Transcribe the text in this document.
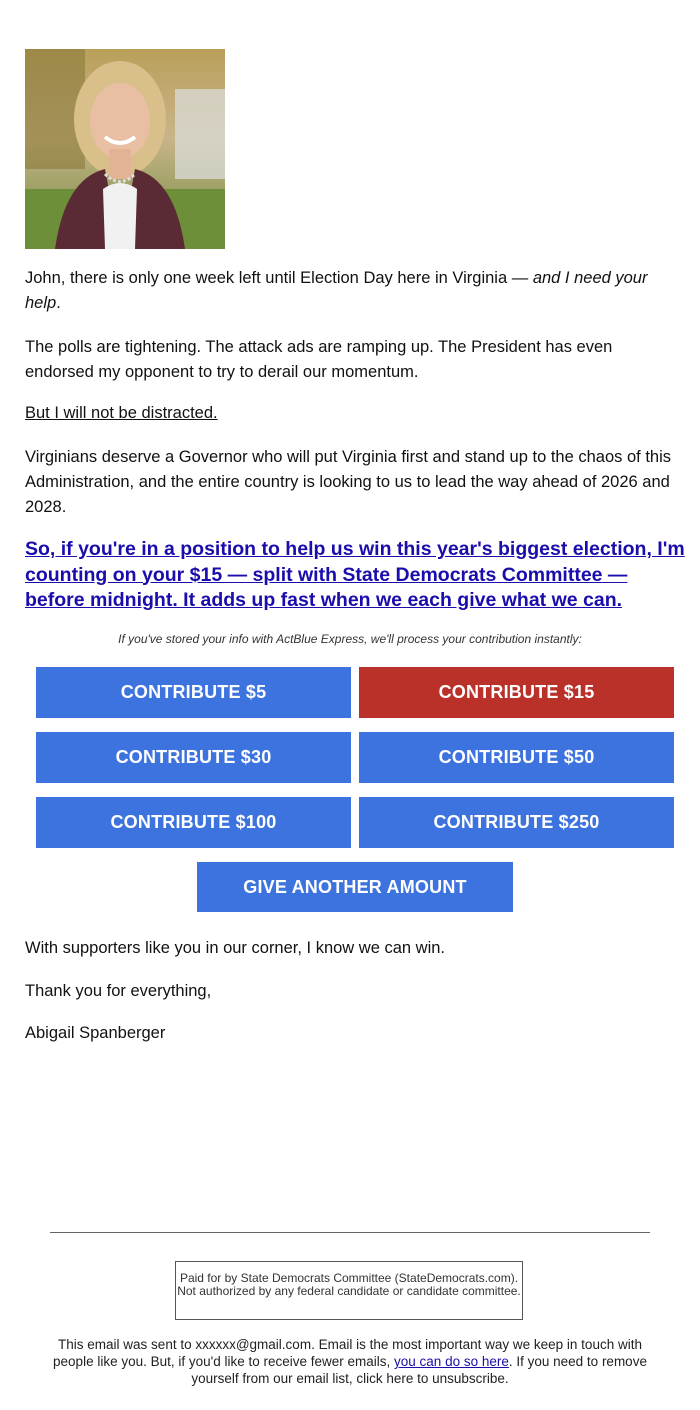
John, there is only one week left until Election Day here in Virginia — and I need your help.

The polls are tightening. The attack ads are ramping up. The President has even endorsed my opponent to try to derail our momentum.

But I will not be distracted.

Virginians deserve a Governor who will put Virginia first and stand up to the chaos of this Administration, and the entire country is looking to us to lead the way ahead of 2026 and 2028.

So, if you're in a position to help us win this year's biggest election, I'm counting on your $15 — split with State Democrats Committee — before midnight. It adds up fast when we each give what we can.
If you've stored your info with ActBlue Express, we'll process your contribution instantly:
CONTRIBUTE $5	CONTRIBUTE $15
CONTRIBUTE $30	CONTRIBUTE $50
CONTRIBUTE $100	CONTRIBUTE $250
GIVE ANOTHER AMOUNT

With supporters like you in our corner, I know we can win.

Thank you for everything,

Abigail Spanberger

Paid for by State Democrats Committee (StateDemocrats.com). Not authorized by any federal candidate or candidate committee.
This email was sent to xxxxxx@gmail.com. Email is the most important way we keep in touch with people like you. But, if you'd like to receive fewer emails, you can do so here. If you need to remove yourself from our email list, click here to unsubscribe.
